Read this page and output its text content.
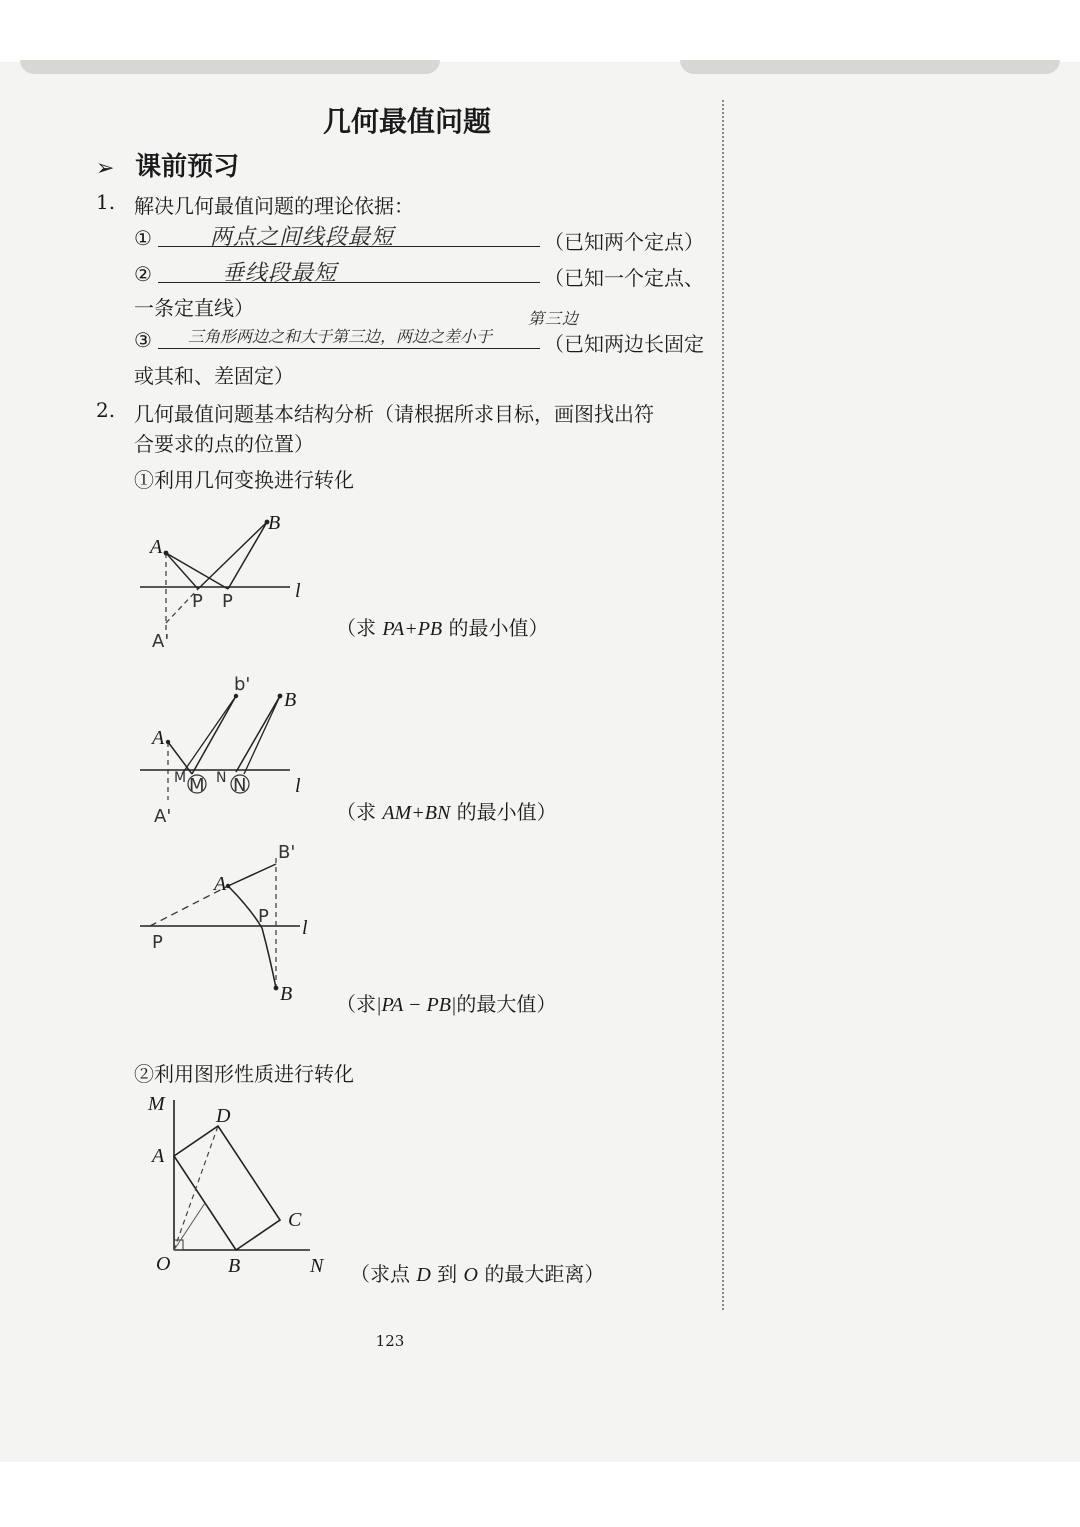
几何最值问题
➢ 课前预习
1. 解决几何最值问题的理论依据：
①	两点之间线段最短	（已知两个定点）
②	垂线段最短	（已知一个定点、
一条定直线）
③ 三角形两边之和大于第三边，两边之差小于
第三边
（已知两边长固定
或其和、差固定）
2. 几何最值问题基本结构分析（请根据所求目标，画图找出符
合要求的点的位置）
①利用几何变换进行转化
A
B
l
P P
A'
（求 PA+PB 的最小值）
A
B
b'
l
M N
M N
A'	（求 AM+BN 的最小值）
A
B
B'
l
P
P
（求|PA − PB|的最大值）
②利用图形性质进行转化
M
N
O
A
B
C
D
（求点 D 到 O 的最大距离）
123
